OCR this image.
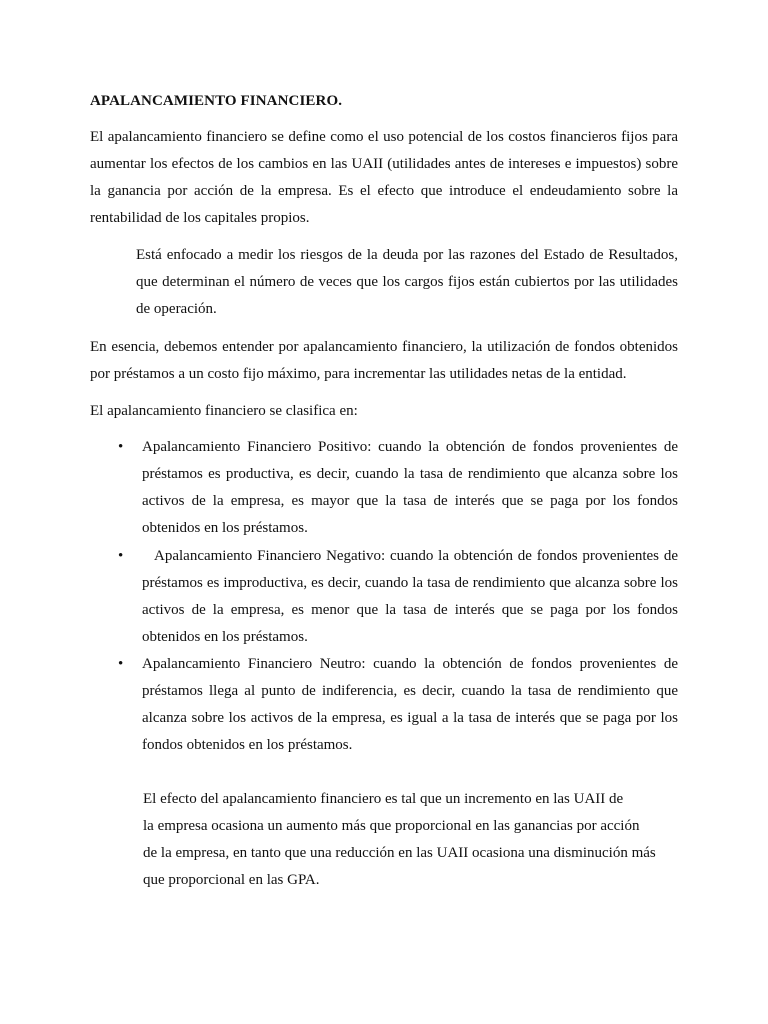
APALANCAMIENTO FINANCIERO.

El apalancamiento financiero se define como el uso potencial de los costos financieros fijos para aumentar los efectos de los cambios en las UAII (utilidades antes de intereses e impuestos) sobre la ganancia por acción de la empresa. Es el efecto que introduce el endeudamiento sobre la rentabilidad de los capitales propios.

Está enfocado a medir los riesgos de la deuda por las razones del Estado de Resultados, que determinan el número de veces que los cargos fijos están cubiertos por las utilidades de operación.

En esencia, debemos entender por apalancamiento financiero, la utilización de fondos obtenidos por préstamos a un costo fijo máximo, para incrementar las utilidades netas de la entidad.

El apalancamiento financiero se clasifica en:

• Apalancamiento Financiero Positivo: cuando la obtención de fondos provenientes de préstamos es productiva, es decir, cuando la tasa de rendimiento que alcanza sobre los activos de la empresa, es mayor que la tasa de interés que se paga por los fondos obtenidos en los préstamos.

•	Apalancamiento Financiero Negativo: cuando la obtención de fondos provenientes de préstamos es improductiva, es decir, cuando la tasa de rendimiento que alcanza sobre los activos de la empresa, es menor que la tasa de interés que se paga por los fondos obtenidos en los préstamos.

• Apalancamiento Financiero Neutro: cuando la obtención de fondos provenientes de préstamos llega al punto de indiferencia, es decir, cuando la tasa de rendimiento que alcanza sobre los activos de la empresa, es igual a la tasa de interés que se paga por los fondos obtenidos en los préstamos.

El efecto del apalancamiento financiero es tal que un incremento en las UAII de
la empresa ocasiona un aumento más que proporcional en las ganancias por acción
de la empresa, en tanto que una reducción en las UAII ocasiona una disminución más
que proporcional en las GPA.
